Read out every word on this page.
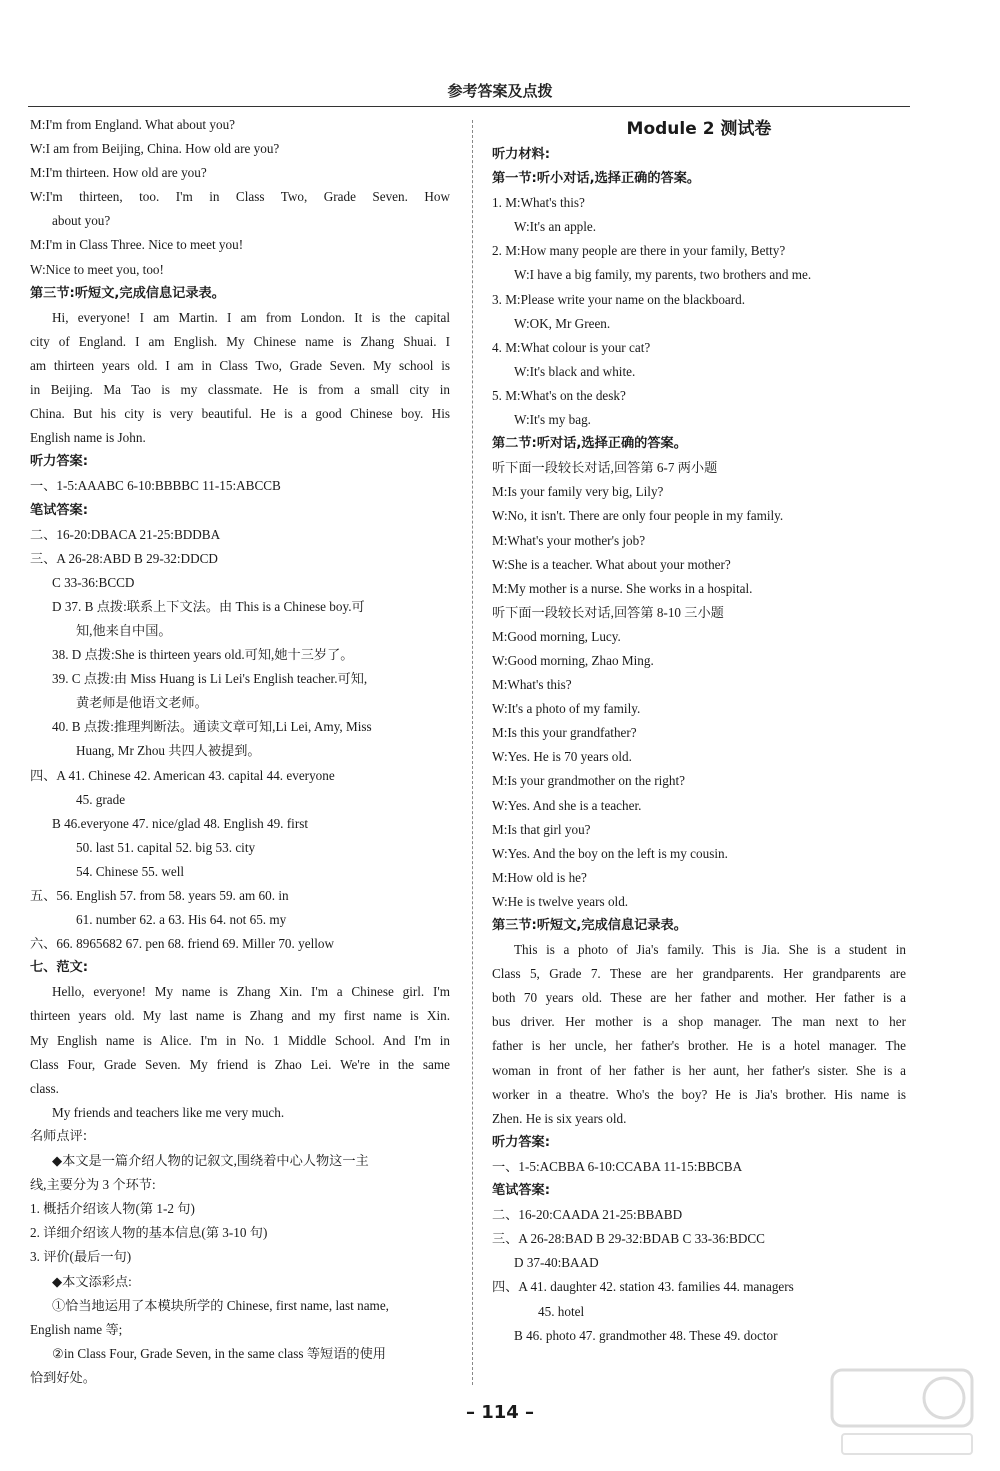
参考答案及点拨
M:I'm from England. What about you?
W:I am from Beijing, China. How old are you?
M:I'm thirteen. How old are you?
W:I'm thirteen, too. I'm in Class Two, Grade Seven. How
about you?
M:I'm in Class Three. Nice to meet you!
W:Nice to meet you, too!
第三节:听短文,完成信息记录表。
Hi, everyone! I am Martin. I am from London. It is the capital
city of England. I am English. My Chinese name is Zhang Shuai. I
am thirteen years old. I am in Class Two, Grade Seven. My school is
in Beijing. Ma Tao is my classmate. He is from a small city in
China. But his city is very beautiful. He is a good Chinese boy. His
English name is John.
听力答案:
一、1-5:AAABC 6-10:BBBBC 11-15:ABCCB
笔试答案:
二、16-20:DBACA 21-25:BDDBA
三、A 26-28:ABD B 29-32:DDCD
C 33-36:BCCD
D 37. B 点拨:联系上下文法。由 This is a Chinese boy.可
知,他来自中国。
38. D 点拨:She is thirteen years old.可知,她十三岁了。
39. C 点拨:由 Miss Huang is Li Lei's English teacher.可知,
黄老师是他语文老师。
40. B 点拨:推理判断法。通读文章可知,Li Lei, Amy, Miss
Huang, Mr Zhou 共四人被提到。
四、A 41. Chinese 42. American 43. capital 44. everyone
45. grade
B 46.everyone 47. nice/glad 48. English 49. first
50. last 51. capital 52. big 53. city
54. Chinese 55. well
五、56. English 57. from 58. years 59. am 60. in
61. number 62. a 63. His 64. not 65. my
六、66. 8965682 67. pen 68. friend 69. Miller 70. yellow
七、范文:
Hello, everyone! My name is Zhang Xin. I'm a Chinese girl. I'm
thirteen years old. My last name is Zhang and my first name is Xin.
My English name is Alice. I'm in No. 1 Middle School. And I'm in
Class Four, Grade Seven. My friend is Zhao Lei. We're in the same
class.
My friends and teachers like me very much.
名师点评:
◆本文是一篇介绍人物的记叙文,围绕着中心人物这一主
线,主要分为 3 个环节:
1. 概括介绍该人物(第 1-2 句)
2. 详细介绍该人物的基本信息(第 3-10 句)
3. 评价(最后一句)
◆本文添彩点:
①恰当地运用了本模块所学的 Chinese, first name, last name,
English name 等;
②in Class Four, Grade Seven, in the same class 等短语的使用
恰到好处。
Module 2 测试卷
听力材料:
第一节:听小对话,选择正确的答案。
1. M:What's this?
W:It's an apple.
2. M:How many people are there in your family, Betty?
W:I have a big family, my parents, two brothers and me.
3. M:Please write your name on the blackboard.
W:OK, Mr Green.
4. M:What colour is your cat?
W:It's black and white.
5. M:What's on the desk?
W:It's my bag.
第二节:听对话,选择正确的答案。
听下面一段较长对话,回答第 6-7 两小题
M:Is your family very big, Lily?
W:No, it isn't. There are only four people in my family.
M:What's your mother's job?
W:She is a teacher. What about your mother?
M:My mother is a nurse. She works in a hospital.
听下面一段较长对话,回答第 8-10 三小题
M:Good morning, Lucy.
W:Good morning, Zhao Ming.
M:What's this?
W:It's a photo of my family.
M:Is this your grandfather?
W:Yes. He is 70 years old.
M:Is your grandmother on the right?
W:Yes. And she is a teacher.
M:Is that girl you?
W:Yes. And the boy on the left is my cousin.
M:How old is he?
W:He is twelve years old.
第三节:听短文,完成信息记录表。
This is a photo of Jia's family. This is Jia. She is a student in
Class 5, Grade 7. These are her grandparents. Her grandparents are
both 70 years old. These are her father and mother. Her father is a
bus driver. Her mother is a shop manager. The man next to her
father is her uncle, her father's brother. He is a hotel manager. The
woman in front of her father is her aunt, her father's sister. She is a
worker in a theatre. Who's the boy? He is Jia's brother. His name is
Zhen. He is six years old.
听力答案:
一、1-5:ACBBA 6-10:CCABA 11-15:BBCBA
笔试答案:
二、16-20:CAADA 21-25:BBABD
三、A 26-28:BAD B 29-32:BDAB C 33-36:BDCC
D 37-40:BAAD
四、A 41. daughter 42. station 43. families 44. managers
45. hotel
B 46. photo 47. grandmother 48. These 49. doctor
– 114 –
